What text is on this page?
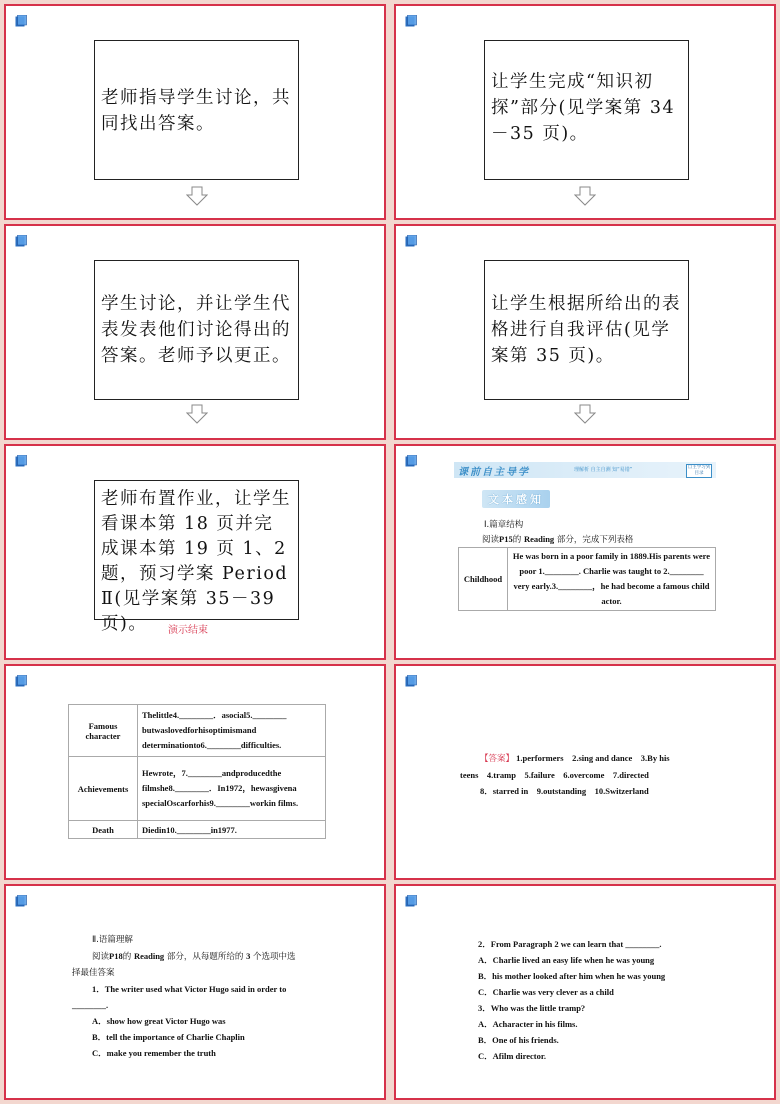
老师指导学生讨论，共同找出答案。
让学生完成“知识初探”部分(见学案第 34－35 页)。
学生讨论，并让学生代表发表他们讨论得出的答案。老师予以更正。
让学生根据所给出的表格进行自我评估(见学案第 35 页)。
老师布置作业，让学生看课本第 18 页并完成课本第 19 页 1、2 题，预习学案 Period Ⅱ(见学案第 35－39 页)。	演示结束
课前自主导学	理解析 自主自测 知“易错”	自主学习到目录
文本感知
Ⅰ.篇章结构
阅读P15的 Reading 部分，完成下列表格
Childhood	He was born in a poor family in 1889.His parents were poor 1.________. Charlie was taught to 2.________ very early.3.________，he had become a famous child actor.
Famous character	Thelittle4.________．asocial5.________ butwaslovedforhisoptimismand determinationto6.________difficulties.
Achievements	Hewrote，7.________andproducedthe filmshe8.________．In1972，hewasgivena specialOscarforhis9.________workin films.
Death	Diedin10.________in1977.
【答案】 1.performers　2.sing and dance　3.By his
teens　4.tramp　5.failure　6.overcome　7.directed
8．starred in　9.outstanding　10.Switzerland
Ⅱ.语篇理解
阅读P18的 Reading 部分，从每题所给的 3 个选项中选
择最佳答案
1．The writer used what Victor Hugo said in order to
________.
A．show how great Victor Hugo was
B．tell the importance of Charlie Chaplin
C．make you remember the truth
2．From Paragraph 2 we can learn that ________.
A．Charlie lived an easy life when he was young
B．his mother looked after him when he was young
C．Charlie was very clever as a child
3．Who was the little tramp?
A．Acharacter in his films.
B．One of his friends.
C．Afilm director.
